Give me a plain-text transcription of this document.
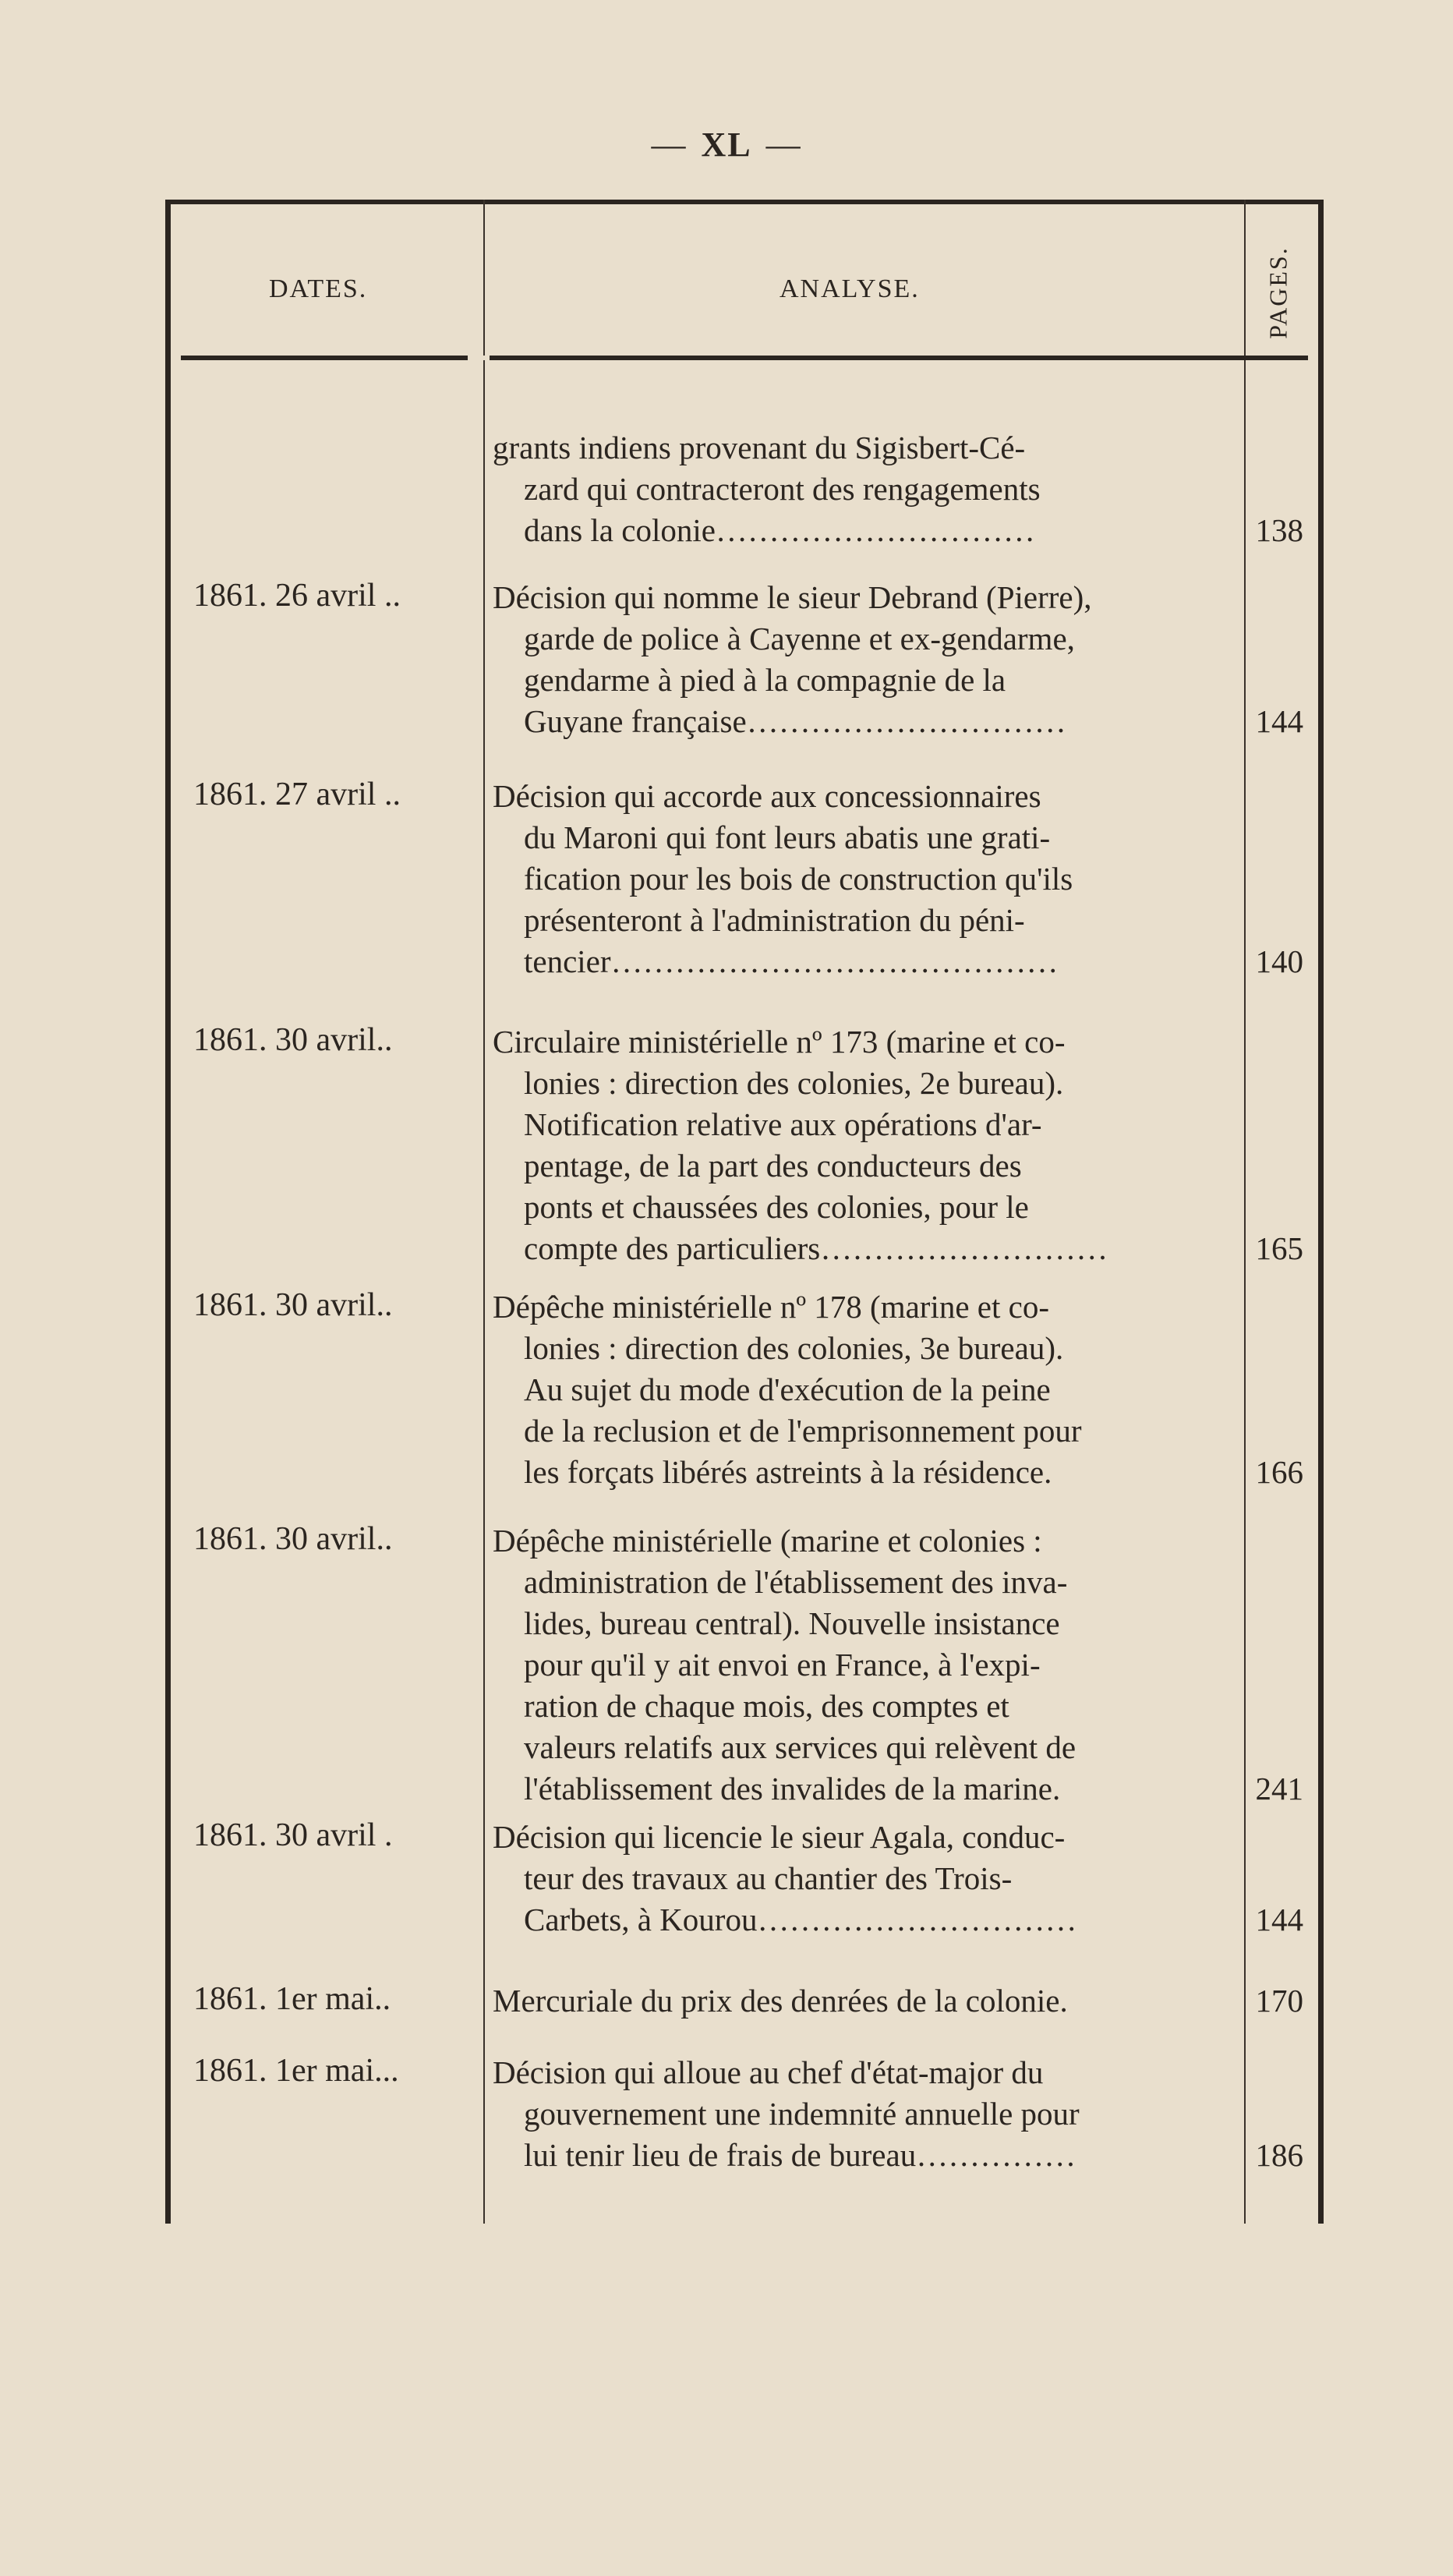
— XL —
DATES.	ANALYSE.	PAGES.
grants indiens provenant du Sigisbert-Cé-
zard qui contracteront des rengagements
dans la colonie…………………………	138
1861. 26 avril ..	Décision qui nomme le sieur Debrand (Pierre),
garde de police à Cayenne et ex-gendarme,
gendarme à pied à la compagnie de la
Guyane française…………………………	144
1861. 27 avril ..	Décision qui accorde aux concessionnaires
du Maroni qui font leurs abatis une grati-
fication pour les bois de construction qu'ils
présenteront à l'administration du péni-
tencier……………………………………	140
1861. 30 avril..	Circulaire ministérielle nº 173 (marine et co-
lonies : direction des colonies, 2e bureau).
Notification relative aux opérations d'ar-
pentage, de la part des conducteurs des
ponts et chaussées des colonies, pour le
compte des particuliers………………………	165
1861. 30 avril..	Dépêche ministérielle nº 178 (marine et co-
lonies : direction des colonies, 3e bureau).
Au sujet du mode d'exécution de la peine
de la reclusion et de l'emprisonnement pour
les forçats libérés astreints à la résidence.	166
1861. 30 avril..	Dépêche ministérielle (marine et colonies :
administration de l'établissement des inva-
lides, bureau central). Nouvelle insistance
pour qu'il y ait envoi en France, à l'expi-
ration de chaque mois, des comptes et
valeurs relatifs aux services qui relèvent de
l'établissement des invalides de la marine.	241
1861. 30 avril .	Décision qui licencie le sieur Agala, conduc-
teur des travaux au chantier des Trois-
Carbets, à Kourou…………………………	144
1861. 1er mai..	Mercuriale du prix des denrées de la colonie.	170
1861. 1er mai...	Décision qui alloue au chef d'état-major du
gouvernement une indemnité annuelle pour
lui tenir lieu de frais de bureau……………	186
